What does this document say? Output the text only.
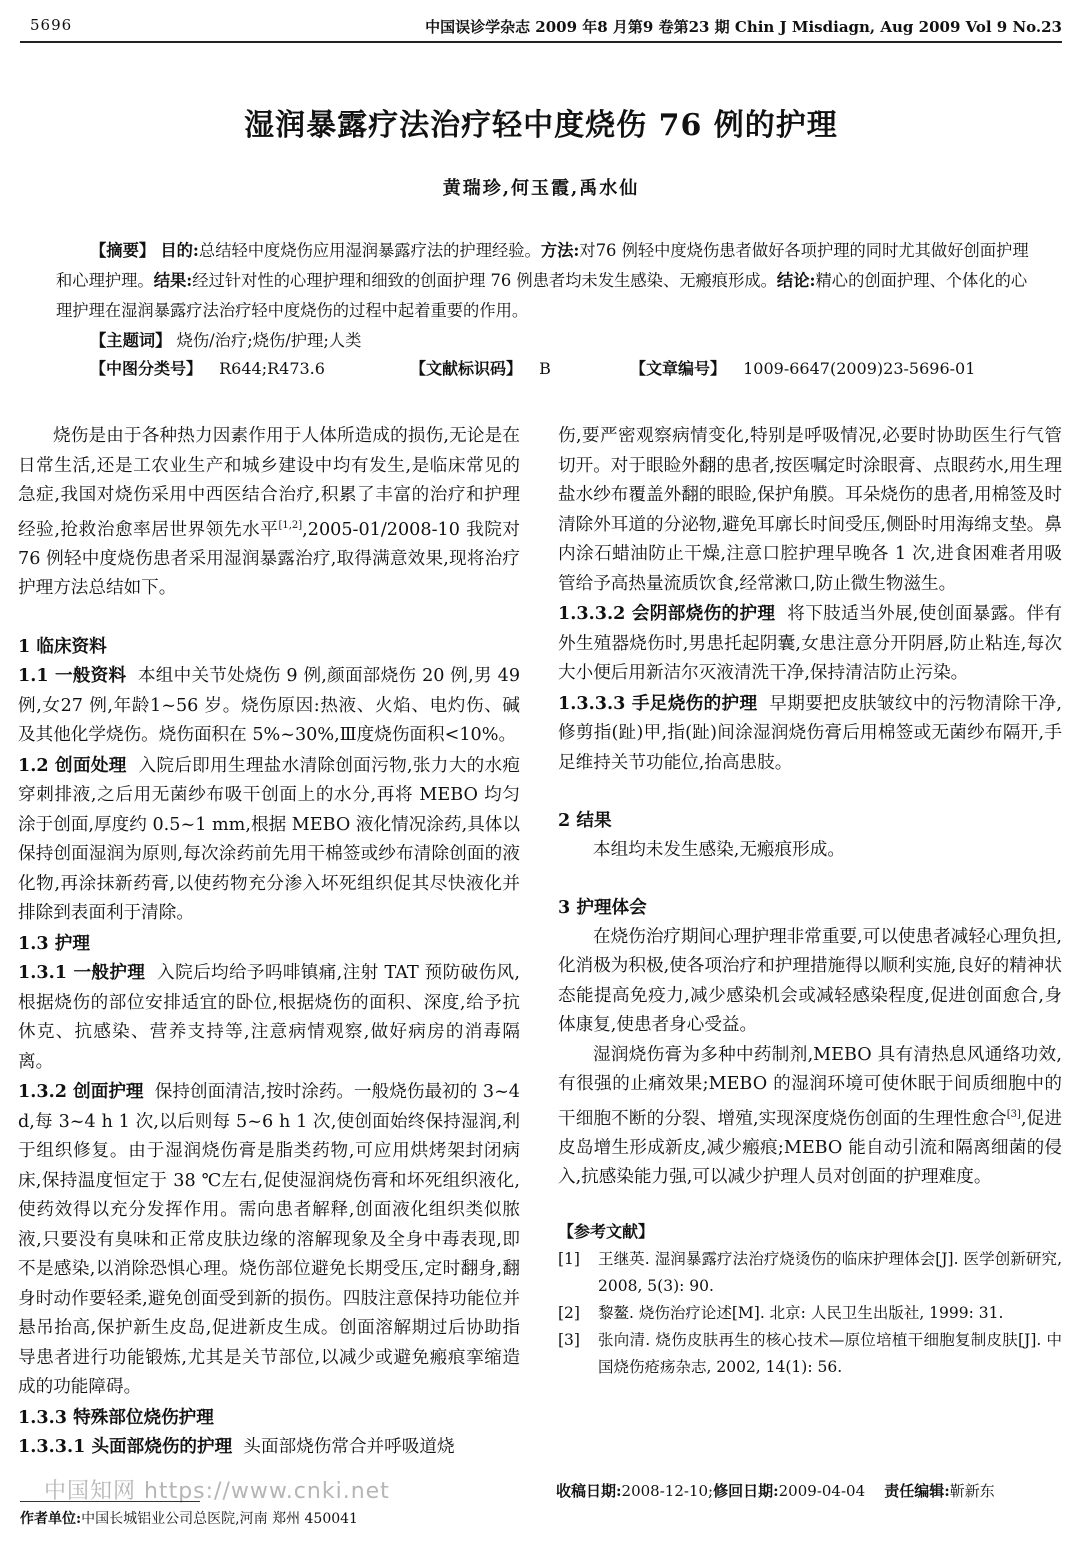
5696	中国误诊学杂志 2009 年8 月第9 卷第23 期 Chin J Misdiagn, Aug 2009 Vol 9 No.23
湿润暴露疗法治疗轻中度烧伤 76 例的护理
黄瑞珍,何玉霞,禹水仙

【摘要】 目的:总结轻中度烧伤应用湿润暴露疗法的护理经验。方法:对76 例轻中度烧伤患者做好各项护理的同时尤其做好创面护理和心理护理。结果:经过针对性的心理护理和细致的创面护理 76 例患者均未发生感染、无瘢痕形成。结论:精心的创面护理、个体化的心理护理在湿润暴露疗法治疗轻中度烧伤的过程中起着重要的作用。

【主题词】 烧伤/治疗;烧伤/护理;人类

【中图分类号】 R644;R473.6	【文献标识码】 B	【文章编号】 1009-6647(2009)23-5696-01

烧伤是由于各种热力因素作用于人体所造成的损伤,无论是在日常生活,还是工农业生产和城乡建设中均有发生,是临床常见的急症,我国对烧伤采用中西医结合治疗,积累了丰富的治疗和护理经验,抢救治愈率居世界领先水平[1,2],2005-01/2008-10 我院对 76 例轻中度烧伤患者采用湿润暴露治疗,取得满意效果,现将治疗护理方法总结如下。

1 临床资料

1.1 一般资料 本组中关节处烧伤 9 例,颜面部烧伤 20 例,男 49 例,女27 例,年龄1~56 岁。烧伤原因:热液、火焰、电灼伤、碱及其他化学烧伤。烧伤面积在 5%~30%,Ⅲ度烧伤面积<10%。

1.2 创面处理 入院后即用生理盐水清除创面污物,张力大的水疱穿刺排液,之后用无菌纱布吸干创面上的水分,再将 MEBO 均匀涂于创面,厚度约 0.5~1 mm,根据 MEBO 液化情况涂药,具体以保持创面湿润为原则,每次涂药前先用干棉签或纱布清除创面的液化物,再涂抹新药膏,以使药物充分渗入坏死组织促其尽快液化并排除到表面利于清除。

1.3 护理

1.3.1 一般护理 入院后均给予吗啡镇痛,注射 TAT 预防破伤风,根据烧伤的部位安排适宜的卧位,根据烧伤的面积、深度,给予抗休克、抗感染、营养支持等,注意病情观察,做好病房的消毒隔离。

1.3.2 创面护理 保持创面清洁,按时涂药。一般烧伤最初的 3~4 d,每 3~4 h 1 次,以后则每 5~6 h 1 次,使创面始终保持湿润,利于组织修复。由于湿润烧伤膏是脂类药物,可应用烘烤架封闭病床,保持温度恒定于 38 ℃左右,促使湿润烧伤膏和坏死组织液化,使药效得以充分发挥作用。需向患者解释,创面液化组织类似脓液,只要没有臭味和正常皮肤边缘的溶解现象及全身中毒表现,即不是感染,以消除恐惧心理。烧伤部位避免长期受压,定时翻身,翻身时动作要轻柔,避免创面受到新的损伤。四肢注意保持功能位并悬吊抬高,保护新生皮岛,促进新皮生成。创面溶解期过后协助指导患者进行功能锻炼,尤其是关节部位,以减少或避免瘢痕挛缩造成的功能障碍。

1.3.3 特殊部位烧伤护理

1.3.3.1 头面部烧伤的护理 头面部烧伤常合并呼吸道烧

伤,要严密观察病情变化,特别是呼吸情况,必要时协助医生行气管切开。对于眼睑外翻的患者,按医嘱定时涂眼膏、点眼药水,用生理盐水纱布覆盖外翻的眼睑,保护角膜。耳朵烧伤的患者,用棉签及时清除外耳道的分泌物,避免耳廓长时间受压,侧卧时用海绵支垫。鼻内涂石蜡油防止干燥,注意口腔护理早晚各 1 次,进食困难者用吸管给予高热量流质饮食,经常漱口,防止微生物滋生。

1.3.3.2 会阴部烧伤的护理 将下肢适当外展,使创面暴露。伴有外生殖器烧伤时,男患托起阴囊,女患注意分开阴唇,防止粘连,每次大小便后用新洁尔灭液清洗干净,保持清洁防止污染。

1.3.3.3 手足烧伤的护理 早期要把皮肤皱纹中的污物清除干净,修剪指(趾)甲,指(趾)间涂湿润烧伤膏后用棉签或无菌纱布隔开,手足维持关节功能位,抬高患肢。

2 结果

本组均未发生感染,无瘢痕形成。

3 护理体会

在烧伤治疗期间心理护理非常重要,可以使患者减轻心理负担,化消极为积极,使各项治疗和护理措施得以顺利实施,良好的精神状态能提高免疫力,减少感染机会或减轻感染程度,促进创面愈合,身体康复,使患者身心受益。

湿润烧伤膏为多种中药制剂,MEBO 具有清热息风通络功效,有很强的止痛效果;MEBO 的湿润环境可使休眠于间质细胞中的干细胞不断的分裂、增殖,实现深度烧伤创面的生理性愈合[3],促进皮岛增生形成新皮,减少瘢痕;MEBO 能自动引流和隔离细菌的侵入,抗感染能力强,可以减少护理人员对创面的护理难度。

【参考文献】

[1]	王继英. 湿润暴露疗法治疗烧烫伤的临床护理体会[J]. 医学创新研究, 2008, 5(3): 90.
[2]	黎鳌. 烧伤治疗论述[M]. 北京: 人民卫生出版社, 1999: 31.
[3]	张向清. 烧伤皮肤再生的核心技术—原位培植干细胞复制皮肤[J]. 中国烧伤疮疡杂志, 2002, 14(1): 56.
收稿日期:2008-12-10;修回日期:2009-04-04 责任编辑:靳新东
中国知网 https://www.cnki.net
作者单位:中国长城铝业公司总医院,河南 郑州 450041
